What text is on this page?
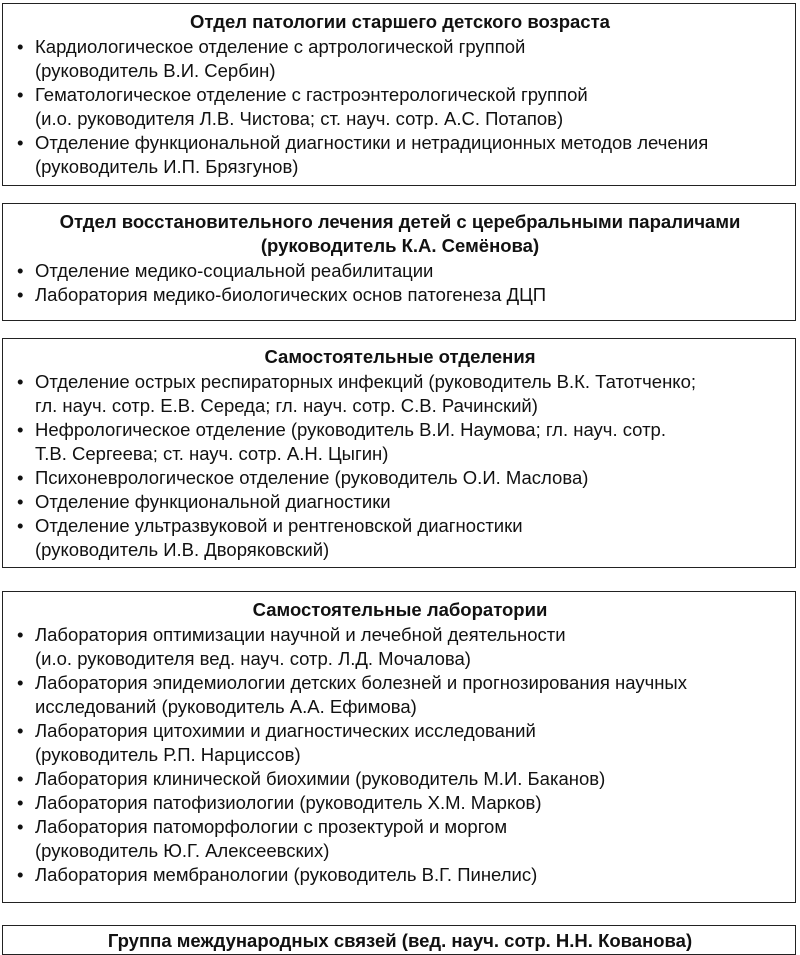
Отдел патологии старшего детского возраста
• Кардиологическое отделение с артрологической группой
(руководитель В.И. Сербин)
• Гематологическое отделение с гастроэнтерологической группой
(и.о. руководителя Л.В. Чистова; ст. науч. сотр. А.С. Потапов)
• Отделение функциональной диагностики и нетрадиционных методов лечения
(руководитель И.П. Брязгунов)
Отдел восстановительного лечения детей с церебральными параличами
(руководитель К.А. Семёнова)
• Отделение медико-социальной реабилитации
• Лаборатория медико-биологических основ патогенеза ДЦП
Самостоятельные отделения
• Отделение острых респираторных инфекций (руководитель В.К. Татотченко;
гл. науч. сотр. Е.В. Середа; гл. науч. сотр. С.В. Рачинский)
• Нефрологическое отделение (руководитель В.И. Наумова; гл. науч. сотр.
Т.В. Сергеева; ст. науч. сотр. А.Н. Цыгин)
• Психоневрологическое отделение (руководитель О.И. Маслова)
• Отделение функциональной диагностики
• Отделение ультразвуковой и рентгеновской диагностики
(руководитель И.В. Дворяковский)
Самостоятельные лаборатории
• Лаборатория оптимизации научной и лечебной деятельности
(и.о. руководителя вед. науч. сотр. Л.Д. Мочалова)
• Лаборатория эпидемиологии детских болезней и прогнозирования научных
исследований (руководитель А.А. Ефимова)
• Лаборатория цитохимии и диагностических исследований
(руководитель Р.П. Нарциссов)
• Лаборатория клинической биохимии (руководитель М.И. Баканов)
• Лаборатория патофизиологии (руководитель Х.М. Марков)
• Лаборатория патоморфологии с прозектурой и моргом
(руководитель Ю.Г. Алексеевских)
• Лаборатория мембранологии (руководитель В.Г. Пинелис)
Группа международных связей (вед. науч. сотр. Н.Н. Кованова)
